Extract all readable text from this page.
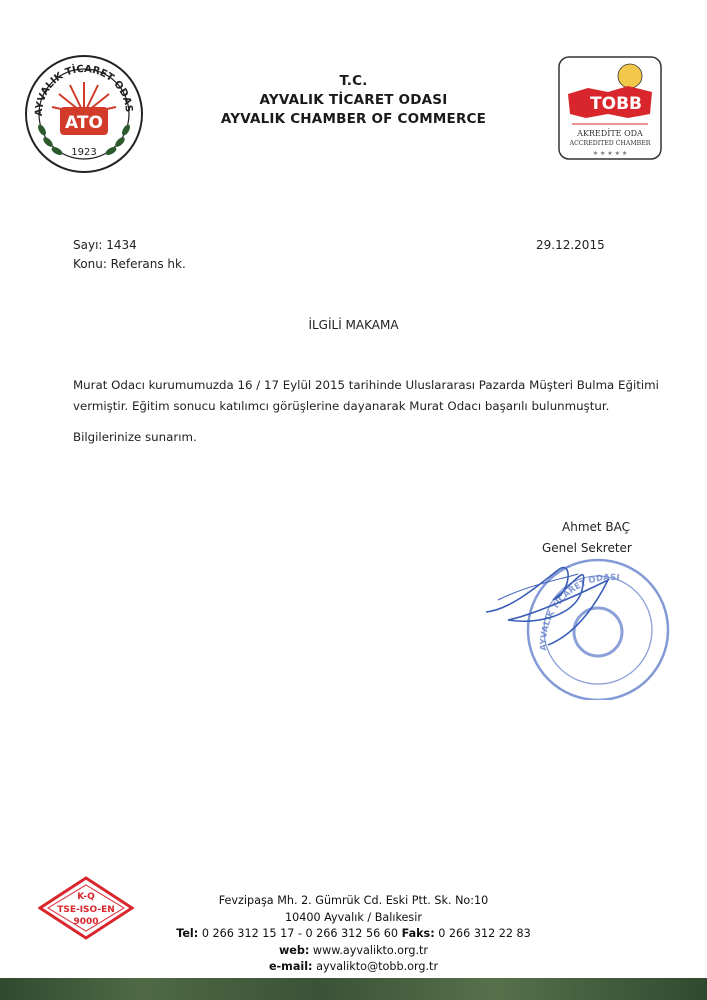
AYVALIK TİCARET ODAS
ATO
1923
T.C.
AYVALIK TİCARET ODASI
AYVALIK CHAMBER OF COMMERCE
TOBB
AKREDİTE ODA
ACCREDITED CHAMBER
★ ★ ★ ★ ★
Sayı: 1434
Konu: Referans hk.
29.12.2015
İLGİLİ MAKAMA
Murat Odacı kurumumuzda 16 / 17 Eylül 2015 tarihinde Uluslararası Pazarda Müşteri Bulma Eğitimi
vermiştir. Eğitim sonucu katılımcı görüşlerine dayanarak Murat Odacı başarılı bulunmuştur.
Bilgilerinize sunarım.
AYVALIK TİCARET ODASI
Ahmet BAÇ
Genel Sekreter
K-Q
TSE-ISO-EN
9000
Fevzipaşa Mh. 2. Gümrük Cd. Eski Ptt. Sk. No:10
10400 Ayvalık / Balıkesir
Tel: 0 266 312 15 17 - 0 266 312 56 60 Faks: 0 266 312 22 83
web: www.ayvalikto.org.tr
e-mail: ayvalikto@tobb.org.tr
